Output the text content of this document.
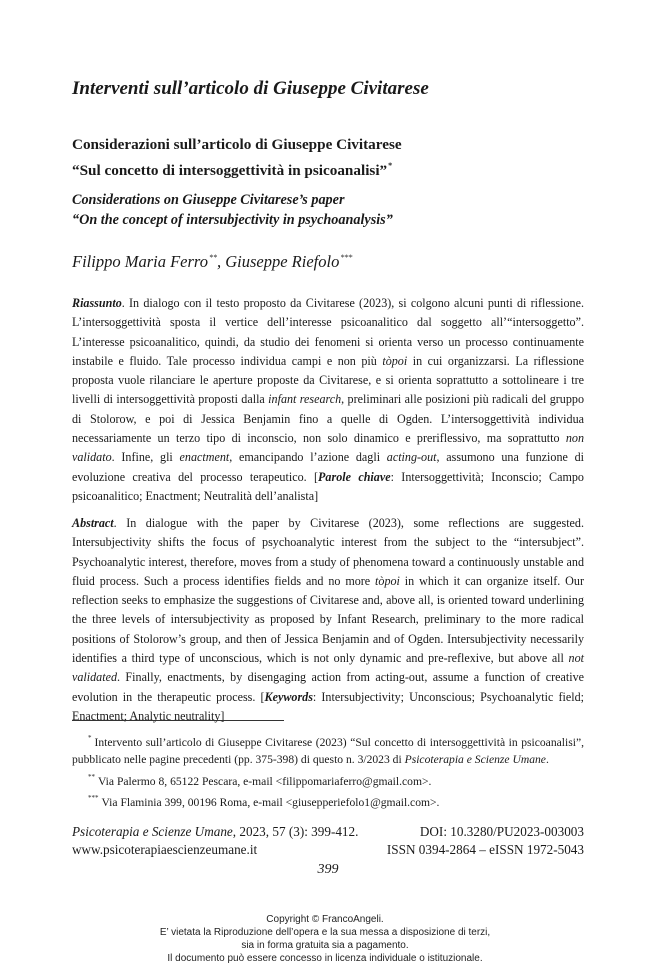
Interventi sull’articolo di Giuseppe Civitarese
Considerazioni sull’articolo di Giuseppe Civitarese
“Sul concetto di intersoggettività in psicoanalisi”*
Considerations on Giuseppe Civitarese’s paper
“On the concept of intersubjectivity in psychoanalysis”
Filippo Maria Ferro**, Giuseppe Riefolo***

Riassunto. In dialogo con il testo proposto da Civitarese (2023), si colgono alcuni punti di riflessione. L’intersoggettività sposta il vertice dell’interesse psicoanalitico dal soggetto all’“intersoggetto”. L’interesse psicoanalitico, quindi, da studio dei fenomeni si orienta verso un processo continuamente instabile e fluido. Tale processo individua campi e non più tòpoi in cui organizzarsi. La riflessione proposta vuole rilanciare le aperture proposte da Civitarese, e si orienta soprattutto a sottolineare i tre livelli di intersoggettività proposti dalla infant research, preliminari alle posizioni più radicali del gruppo di Stolorow, e poi di Jessica Benjamin fino a quelle di Ogden. L’intersoggettività individua necessariamente un terzo tipo di inconscio, non solo dinamico e preriflessivo, ma soprattutto non validato. Infine, gli enactment, emancipando l’azione dagli acting-out, assumono una funzione di evoluzione creativa del processo terapeutico. [Parole chiave: Intersoggettività; Inconscio; Campo psicoanalitico; Enactment; Neutralità dell’analista]

Abstract. In dialogue with the paper by Civitarese (2023), some reflections are suggested. Intersubjectivity shifts the focus of psychoanalytic interest from the subject to the “intersubject”. Psychoanalytic interest, therefore, moves from a study of phenomena toward a continuously unstable and fluid process. Such a process identifies fields and no more tòpoi in which it can organize itself. Our reflection seeks to emphasize the suggestions of Civitarese and, above all, is oriented toward underlining the three levels of intersubjectivity as proposed by Infant Research, preliminary to the more radical positions of Stolorow’s group, and then of Jessica Benjamin and of Ogden. Intersubjectivity necessarily identifies a third type of unconscious, which is not only dynamic and pre-reflexive, but above all not validated. Finally, enactments, by disengaging action from acting-out, assume a function of creative evolution in the therapeutic process. [Keywords: Intersubjectivity; Unconscious; Psychoanalytic field; Enactment; Analytic neutrality]

* Intervento sull’articolo di Giuseppe Civitarese (2023) “Sul concetto di intersoggettività in psicoanalisi”, pubblicato nelle pagine precedenti (pp. 375-398) di questo n. 3/2023 di Psicoterapia e Scienze Umane.

** Via Palermo 8, 65122 Pescara, e-mail <filippomariaferro@gmail.com>.

*** Via Flaminia 399, 00196 Roma, e-mail <giusepperiefolo1@gmail.com>.

Psicoterapia e Scienze Umane, 2023, 57 (3): 399-412.	DOI: 10.3280/PU2023-003003
www.psicoterapiaescienzeumane.it	ISSN 0394-2864 – eISSN 1972-5043
399
Copyright © FrancoAngeli.
E’ vietata la Riproduzione dell’opera e la sua messa a disposizione di terzi,
sia in forma gratuita sia a pagamento.
Il documento può essere concesso in licenza individuale o istituzionale.
